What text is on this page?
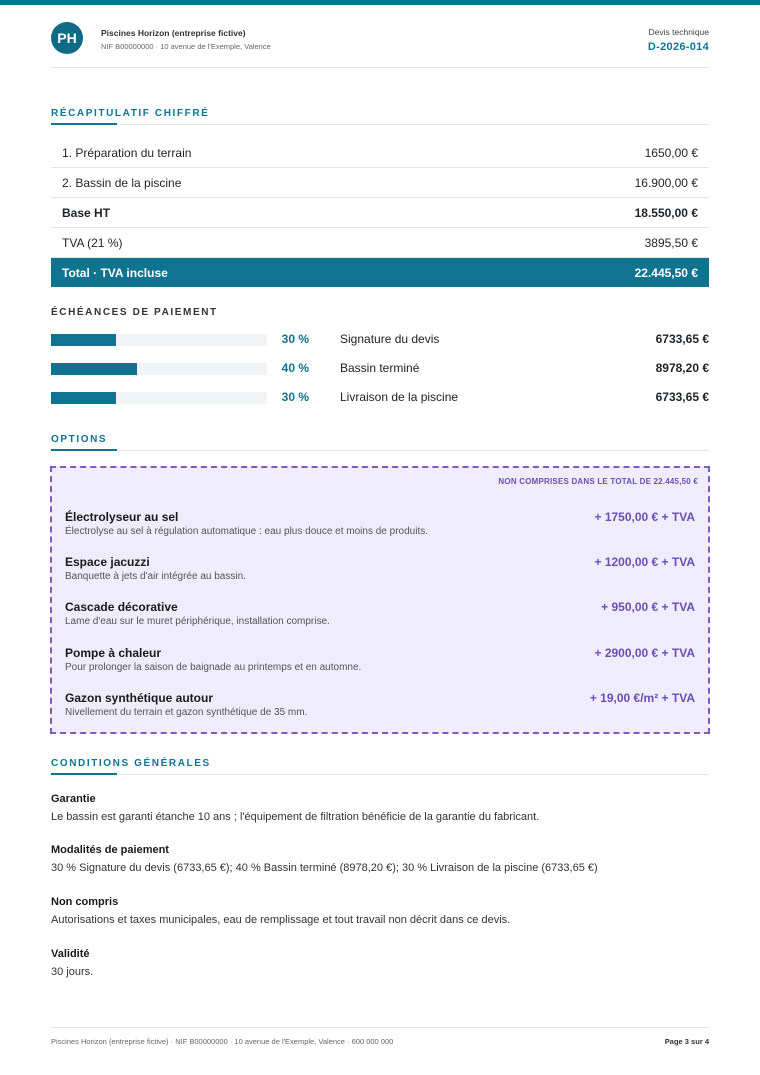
PH	Piscines Horizon (entreprise fictive)
NIF B00000000 · 10 avenue de l'Exemple, Valence
Devis technique
D-2026-014
RÉCAPITULATIF CHIFFRÉ
1. Préparation du terrain	1650,00 €
2. Bassin de la piscine	16.900,00 €
Base HT	18.550,00 €
TVA (21 %)	3895,50 €
Total · TVA incluse	22.445,50 €
ÉCHÉANCES DE PAIEMENT
30 %	Signature du devis	6733,65 €
40 %	Bassin terminé	8978,20 €
30 %	Livraison de la piscine	6733,65 €
OPTIONS
NON COMPRISES DANS LE TOTAL DE 22.445,50 €
Électrolyseur au sel
Électrolyse au sel à régulation automatique : eau plus douce et moins de produits.
+ 1750,00 € + TVA
Espace jacuzzi
Banquette à jets d'air intégrée au bassin.
+ 1200,00 € + TVA
Cascade décorative
Lame d'eau sur le muret périphérique, installation comprise.
+ 950,00 € + TVA
Pompe à chaleur
Pour prolonger la saison de baignade au printemps et en automne.
+ 2900,00 € + TVA
Gazon synthétique autour
Nivellement du terrain et gazon synthétique de 35 mm.
+ 19,00 €/m² + TVA
CONDITIONS GÉNÉRALES
Garantie
Le bassin est garanti étanche 10 ans ; l'équipement de filtration bénéficie de la garantie du fabricant.
Modalités de paiement
30 % Signature du devis (6733,65 €); 40 % Bassin terminé (8978,20 €); 30 % Livraison de la piscine (6733,65 €)
Non compris
Autorisations et taxes municipales, eau de remplissage et tout travail non décrit dans ce devis.
Validité
30 jours.
Piscines Horizon (entreprise fictive) · NIF B00000000 · 10 avenue de l'Exemple, Valence · 600 000 000	Page 3 sur 4
